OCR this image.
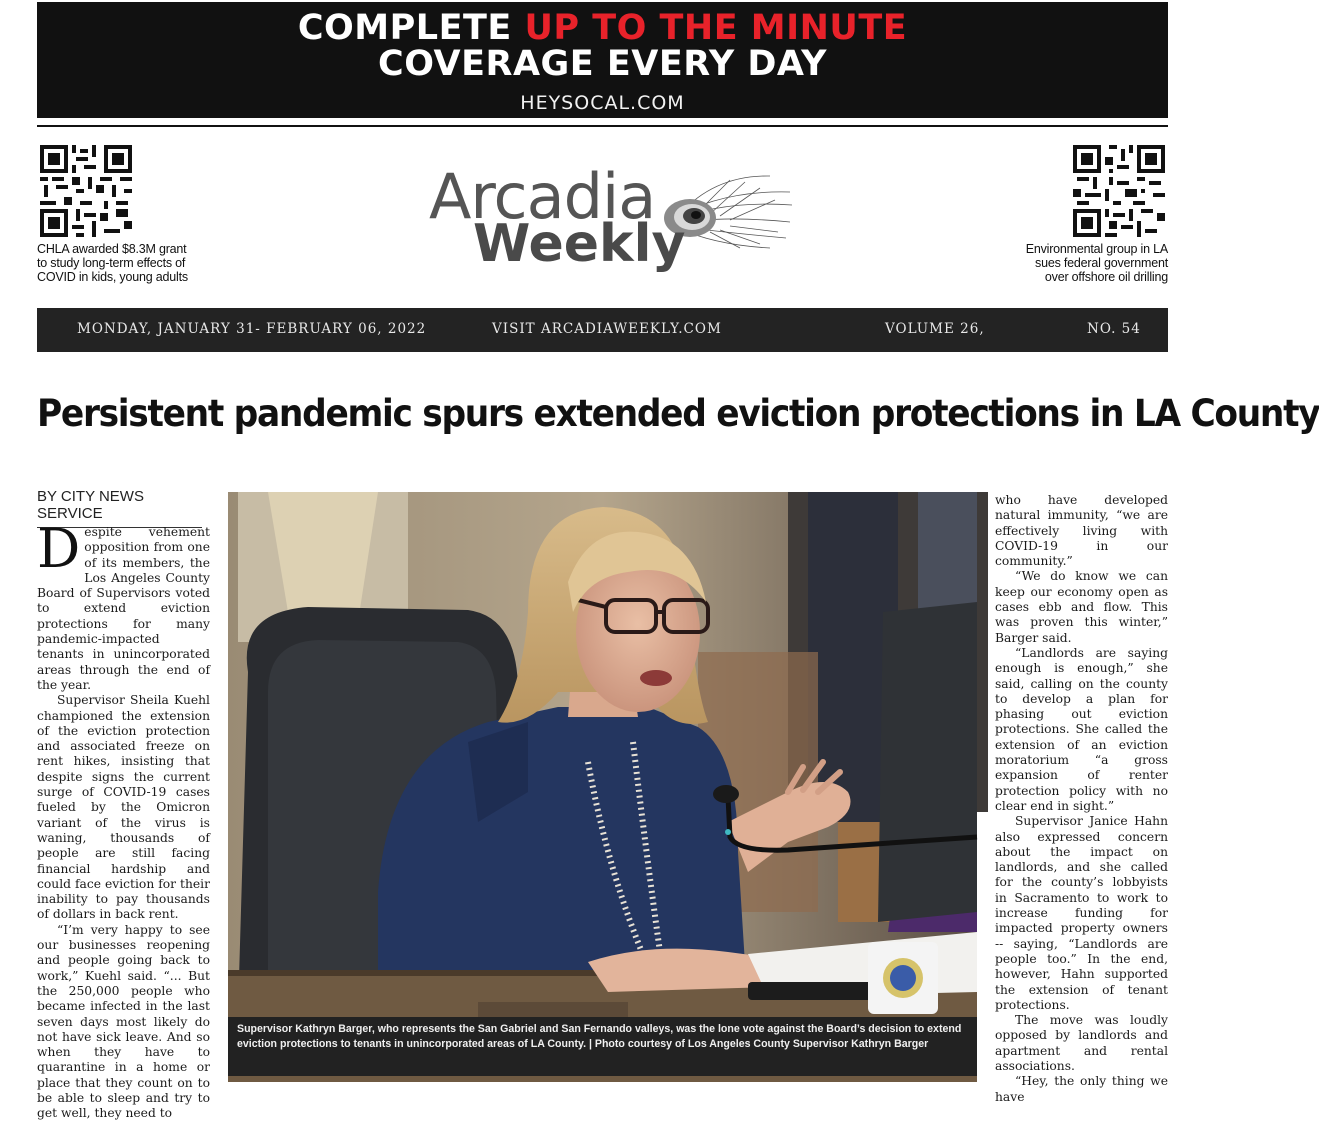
COMPLETE UP TO THE MINUTE
COVERAGE EVERY DAY
HEYSOCAL.COM
CHLA awarded $8.3M grant
to study long-term effects of
COVID in kids, young adults
Arcadia
Weekly	Environmental group in LA
sues federal government
over offshore oil drilling
MONDAY, JANUARY 31- FEBRUARY 06, 2022	VISIT ARCADIAWEEKLY.COM	VOLUME 26,	NO. 54
Persistent pandemic spurs extended eviction protections in LA County
BY CITY NEWS SERVICE

Despite vehement opposition from one of its members, the Los Angeles County Board of Supervisors voted to extend eviction protections for many pandemic-impacted tenants in unincorporated areas through the end of the year.

Supervisor Sheila Kuehl championed the extension of the eviction protection and associated freeze on rent hikes, insisting that despite signs the current surge of COVID-19 cases fueled by the Omicron variant of the virus is waning, thousands of people are still facing financial hardship and could face eviction for their inability to pay thousands of dollars in back rent.

“I’m very happy to see our businesses reopening and people going back to work,” Kuehl said. “... But the 250,000 people who became infected in the last seven days most likely do not have sick leave. And so when they have to quarantine in a home or place that they count on to be able to sleep and try to get well, they need to

Supervisor Kathryn Barger, who represents the San Gabriel and San Fernando valleys, was the lone vote against the Board’s decision to extend eviction protections to tenants in unincorporated areas of LA County. | Photo courtesy of Los Angeles County Supervisor Kathryn Barger

who have developed natural immunity, “we are effectively living with COVID-19 in our community.”

“We do know we can keep our economy open as cases ebb and flow. This was proven this winter,” Barger said.

“Landlords are saying enough is enough,” she said, calling on the county to develop a plan for phasing out eviction protections. She called the extension of an eviction moratorium “a gross expansion of renter protection policy with no clear end in sight.”

Supervisor Janice Hahn also expressed concern about the impact on landlords, and she called for the county’s lobbyists in Sacramento to work to increase funding for impacted property owners -- saying, “Landlords are people too.” In the end, however, Hahn supported the extension of tenant protections.

The move was loudly opposed by landlords and apartment and rental associations.

“Hey, the only thing we have
